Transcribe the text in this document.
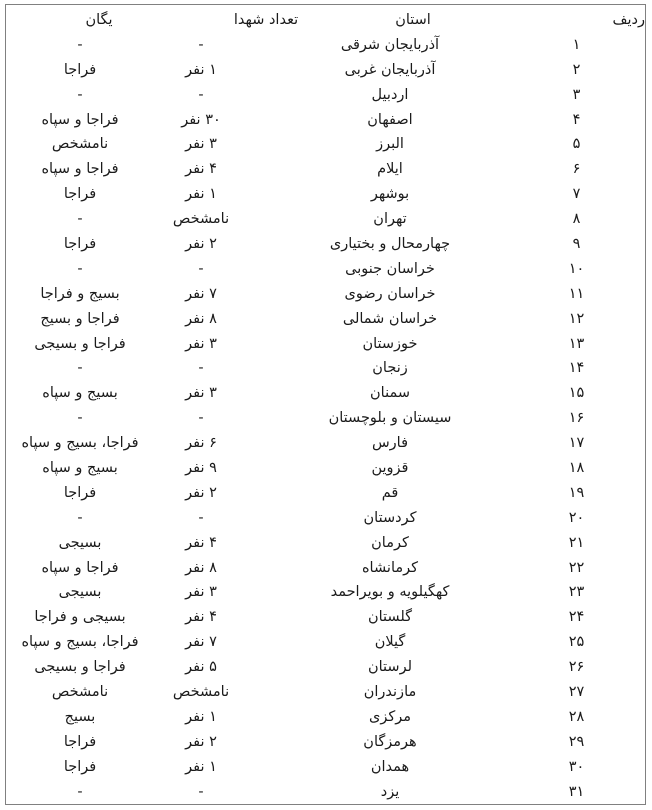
ردیف
استان
تعداد شهدا
یگان
۱
آذربایجان شرقی
-
-
۲
آذربایجان غربی
۱ نفر
فراجا
۳
اردبیل
-
-
۴
اصفهان
۳۰ نفر
فراجا و سپاه
۵
البرز
۳ نفر
نامشخص
۶
ایلام
۴ نفر
فراجا و سپاه
۷
بوشهر
۱ نفر
فراجا
۸
تهران
نامشخص
-
۹
چهارمحال و بختیاری
۲ نفر
فراجا
۱۰
خراسان جنوبی
-
-
۱۱
خراسان رضوی
۷ نفر
بسیج و فراجا
۱۲
خراسان شمالی
۸ نفر
فراجا و بسیج
۱۳
خوزستان
۳ نفر
فراجا و بسیجی
۱۴
زنجان
-
-
۱۵
سمنان
۳ نفر
بسیج و سپاه
۱۶
سیستان و بلوچستان
-
-
۱۷
فارس
۶ نفر
فراجا، بسیج و سپاه
۱۸
قزوین
۹ نفر
بسیج و سپاه
۱۹
قم
۲ نفر
فراجا
۲۰
کردستان
-
-
۲۱
کرمان
۴ نفر
بسیجی
۲۲
کرمانشاه
۸ نفر
فراجا و سپاه
۲۳
کهگیلویه و بویراحمد
۳ نفر
بسیجی
۲۴
گلستان
۴ نفر
بسیجی و فراجا
۲۵
گیلان
۷ نفر
فراجا، بسیج و سپاه
۲۶
لرستان
۵ نفر
فراجا و بسیجی
۲۷
مازندران
نامشخص
نامشخص
۲۸
مرکزی
۱ نفر
بسیج
۲۹
هرمزگان
۲ نفر
فراجا
۳۰
همدان
۱ نفر
فراجا
۳۱
یزد
-
-
